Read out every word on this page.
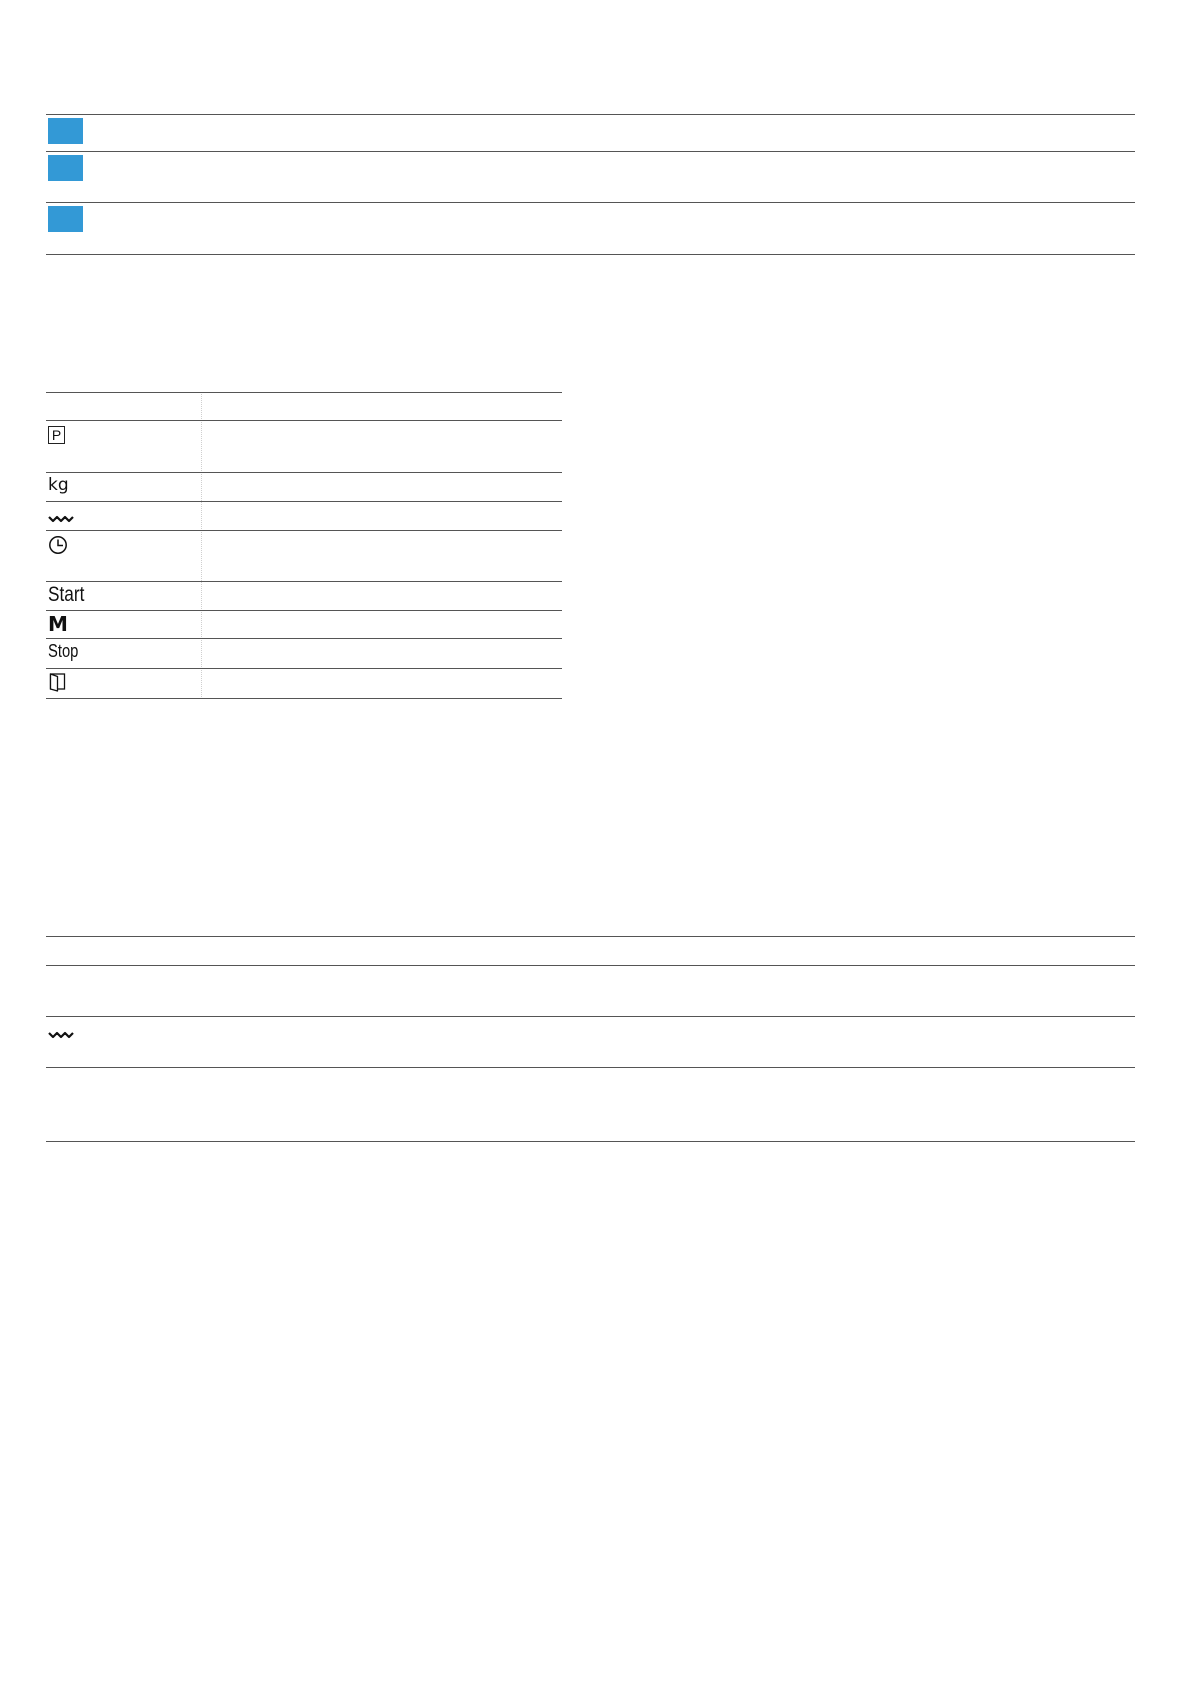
P
kg
Start
M
Stop
